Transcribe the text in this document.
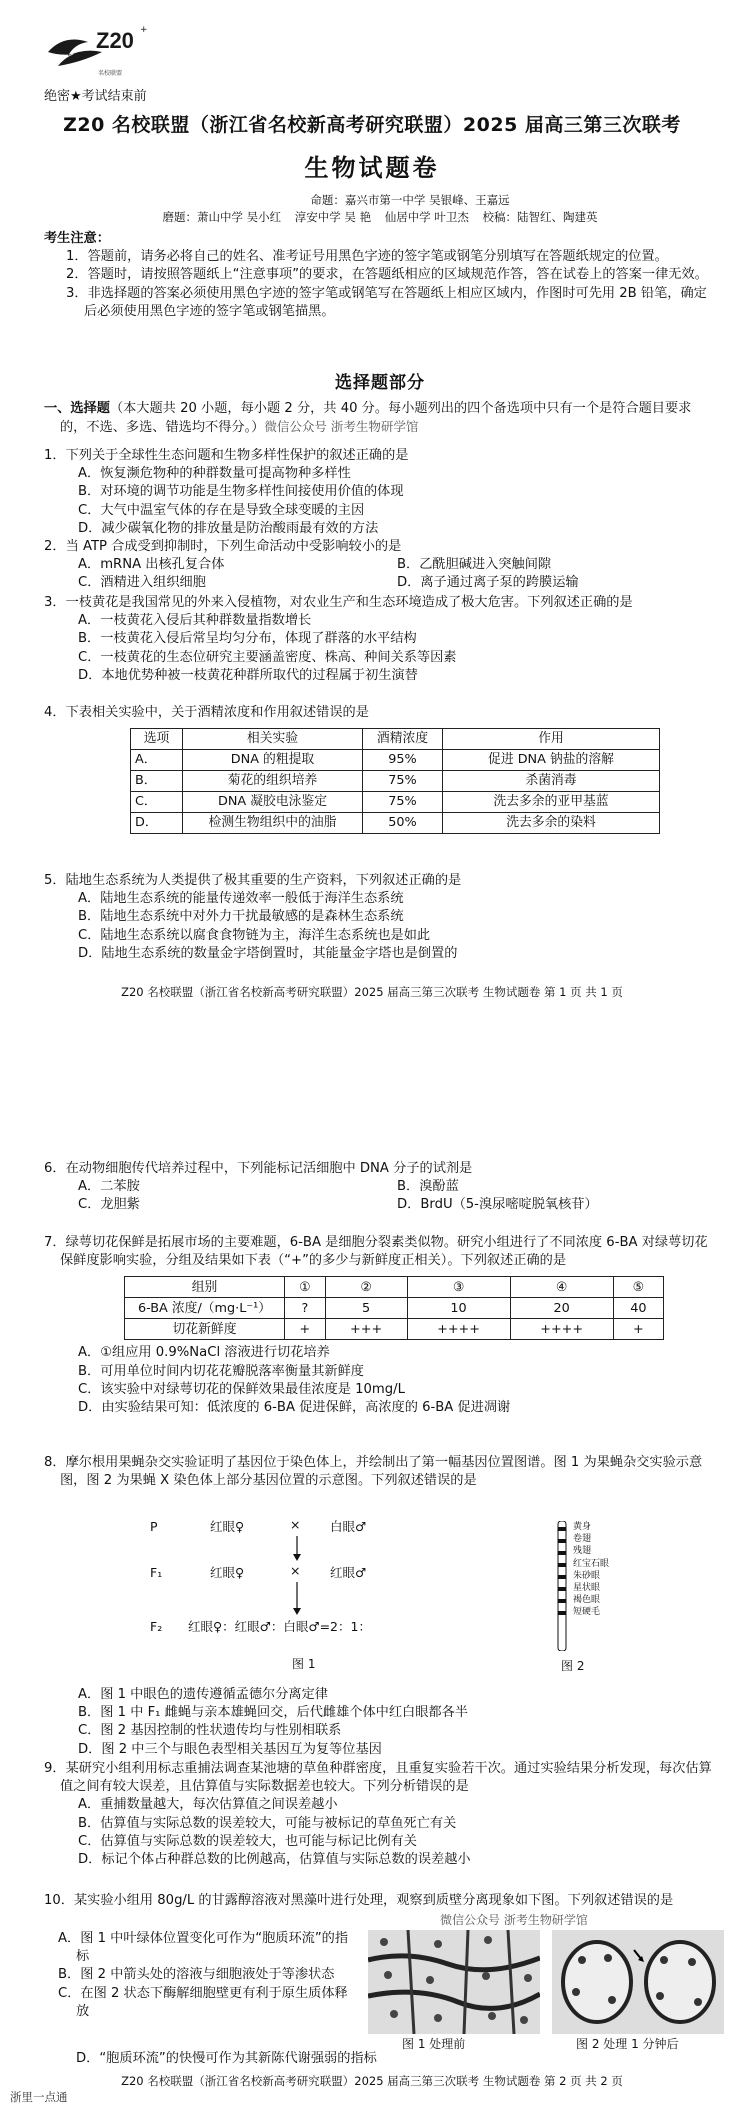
Z20 +
名校联盟
绝密★考试结束前
Z20 名校联盟（浙江省名校新高考研究联盟）2025 届高三第三次联考
生物试题卷
命题：嘉兴市第一中学 吴银峰、王嘉远
磨题：萧山中学 吴小红 淳安中学 吴 艳 仙居中学 叶卫杰 校稿：陆智红、陶建英
考生注意：
1．答题前，请务必将自己的姓名、准考证号用黑色字迹的签字笔或钢笔分别填写在答题纸规定的位置。
2．答题时，请按照答题纸上“注意事项”的要求，在答题纸相应的区域规范作答，答在试卷上的答案一律无效。
3．非选择题的答案必须使用黑色字迹的签字笔或钢笔写在答题纸上相应区域内，作图时可先用 2B 铅笔，确定后必须使用黑色字迹的签字笔或钢笔描黑。
选择题部分
一、选择题（本大题共 20 小题，每小题 2 分，共 40 分。每小题列出的四个备选项中只有一个是符合题目要求的，不选、多选、错选均不得分。）微信公众号 浙考生物研学馆
1．下列关于全球性生态问题和生物多样性保护的叙述正确的是
A．恢复濒危物种的种群数量可提高物种多样性
B．对环境的调节功能是生物多样性间接使用价值的体现
C．大气中温室气体的存在是导致全球变暖的主因
D．减少碳氧化物的排放量是防治酸雨最有效的方法
2．当 ATP 合成受到抑制时，下列生命活动中受影响较小的是
A．mRNA 出核孔复合体	B．乙酰胆碱进入突触间隙
C．酒精进入组织细胞	D．离子通过离子泵的跨膜运输
3．一枝黄花是我国常见的外来入侵植物，对农业生产和生态环境造成了极大危害。下列叙述正确的是
A．一枝黄花入侵后其种群数量指数增长
B．一枝黄花入侵后常呈均匀分布，体现了群落的水平结构
C．一枝黄花的生态位研究主要涵盖密度、株高、种间关系等因素
D．本地优势种被一枝黄花种群所取代的过程属于初生演替
4．下表相关实验中，关于酒精浓度和作用叙述错误的是
选项	相关实验	酒精浓度	作用
A．	DNA 的粗提取	95%	促进 DNA 钠盐的溶解
B．	菊花的组织培养	75%	杀菌消毒
C．	DNA 凝胶电泳鉴定	75%	洗去多余的亚甲基蓝
D．	检测生物组织中的油脂	50%	洗去多余的染料
5．陆地生态系统为人类提供了极其重要的生产资料，下列叙述正确的是
A．陆地生态系统的能量传递效率一般低于海洋生态系统
B．陆地生态系统中对外力干扰最敏感的是森林生态系统
C．陆地生态系统以腐食食物链为主，海洋生态系统也是如此
D．陆地生态系统的数量金字塔倒置时，其能量金字塔也是倒置的
Z20 名校联盟（浙江省名校新高考研究联盟）2025 届高三第三次联考 生物试题卷 第 1 页 共 1 页
6．在动物细胞传代培养过程中，下列能标记活细胞中 DNA 分子的试剂是
A．二苯胺	B．溴酚蓝
C．龙胆紫	D．BrdU（5-溴尿嘧啶脱氧核苷）
7．绿萼切花保鲜是拓展市场的主要难题，6-BA 是细胞分裂素类似物。研究小组进行了不同浓度 6-BA 对绿萼切花保鲜度影响实验，分组及结果如下表（“+”的多少与新鲜度正相关）。下列叙述正确的是
组别	①	②	③	④	⑤
6-BA 浓度/（mg·L⁻¹）	?	5	10	20	40
切花新鲜度	+	+++	++++	++++	+
A．①组应用 0.9%NaCl 溶液进行切花培养
B．可用单位时间内切花花瓣脱落率衡量其新鲜度
C．该实验中对绿萼切花的保鲜效果最佳浓度是 10mg/L
D．由实验结果可知：低浓度的 6-BA 促进保鲜，高浓度的 6-BA 促进凋谢
8．摩尔根用果蝇杂交实验证明了基因位于染色体上，并绘制出了第一幅基因位置图谱。图 1 为果蝇杂交实验示意图，图 2 为果蝇 X 染色体上部分基因位置的示意图。下列叙述错误的是
P	红眼♀	× 白眼♂
F₁	红眼♀	× 红眼♂
F₂ 红眼♀：红眼♂：白眼♂=2：1：
图 1
黄身
卷翅
残翅
红宝石眼
朱砂眼
星状眼
褐色眼
短硬毛
图 2
A．图 1 中眼色的遗传遵循孟德尔分离定律
B．图 1 中 F₁ 雌蝇与亲本雄蝇回交，后代雌雄个体中红白眼都各半
C．图 2 基因控制的性状遗传均与性别相联系
D．图 2 中三个与眼色表型相关基因互为复等位基因
9．某研究小组利用标志重捕法调查某池塘的草鱼种群密度，且重复实验若干次。通过实验结果分析发现，每次估算值之间有较大误差，且估算值与实际数据差也较大。下列分析错误的是
A．重捕数量越大，每次估算值之间误差越小
B．估算值与实际总数的误差较大，可能与被标记的草鱼死亡有关
C．估算值与实际总数的误差较大，也可能与标记比例有关
D．标记个体占种群总数的比例越高，估算值与实际总数的误差越小
10．某实验小组用 80g/L 的甘露醇溶液对黑藻叶进行处理，观察到质壁分离现象如下图。下列叙述错误的是
A．图 1 中叶绿体位置变化可作为“胞质环流”的指标
B．图 2 中箭头处的溶液与细胞液处于等渗状态
C．在图 2 状态下酶解细胞壁更有利于原生质体释放
D．“胞质环流”的快慢可作为其新陈代谢强弱的指标
微信公众号 浙考生物研学馆
图 1 处理前	图 2 处理 1 分钟后
Z20 名校联盟（浙江省名校新高考研究联盟）2025 届高三第三次联考 生物试题卷 第 2 页 共 2 页
浙里一点通
